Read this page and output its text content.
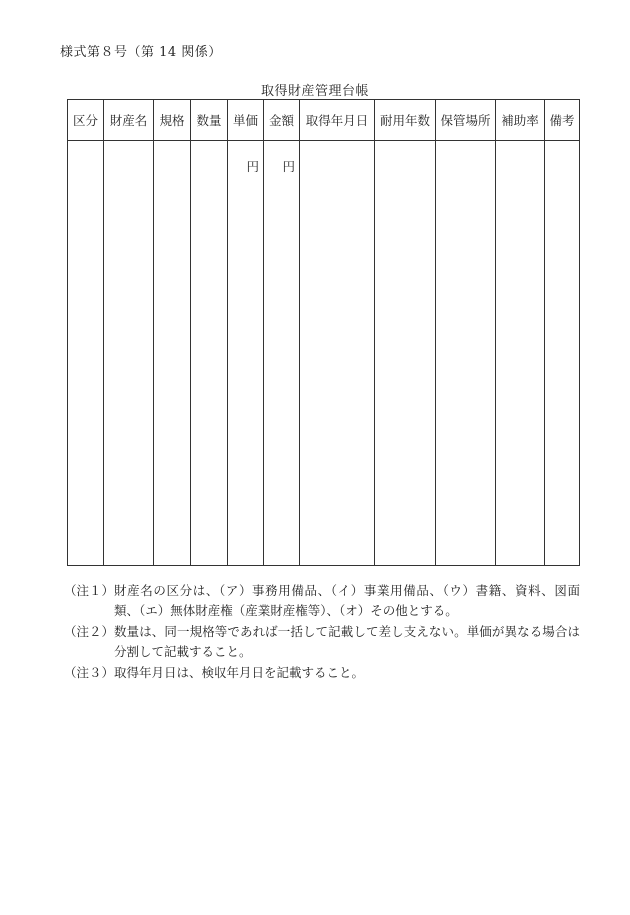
様式第８号（第 14 関係）
取得財産管理台帳
区分	財産名	規格	数量	単価	金額	取得年月日	耐用年数	保管場所	補助率	備考

				円	円					

（注１） 財産名の区分は、（ア）事務用備品、（イ）事業用備品、（ウ）書籍、資料、図面類、（エ）無体財産権（産業財産権等）、（オ）その他とする。
（注２） 数量は、同一規格等であれば一括して記載して差し支えない。単価が異なる場合は分割して記載すること。
（注３） 取得年月日は、検収年月日を記載すること。
